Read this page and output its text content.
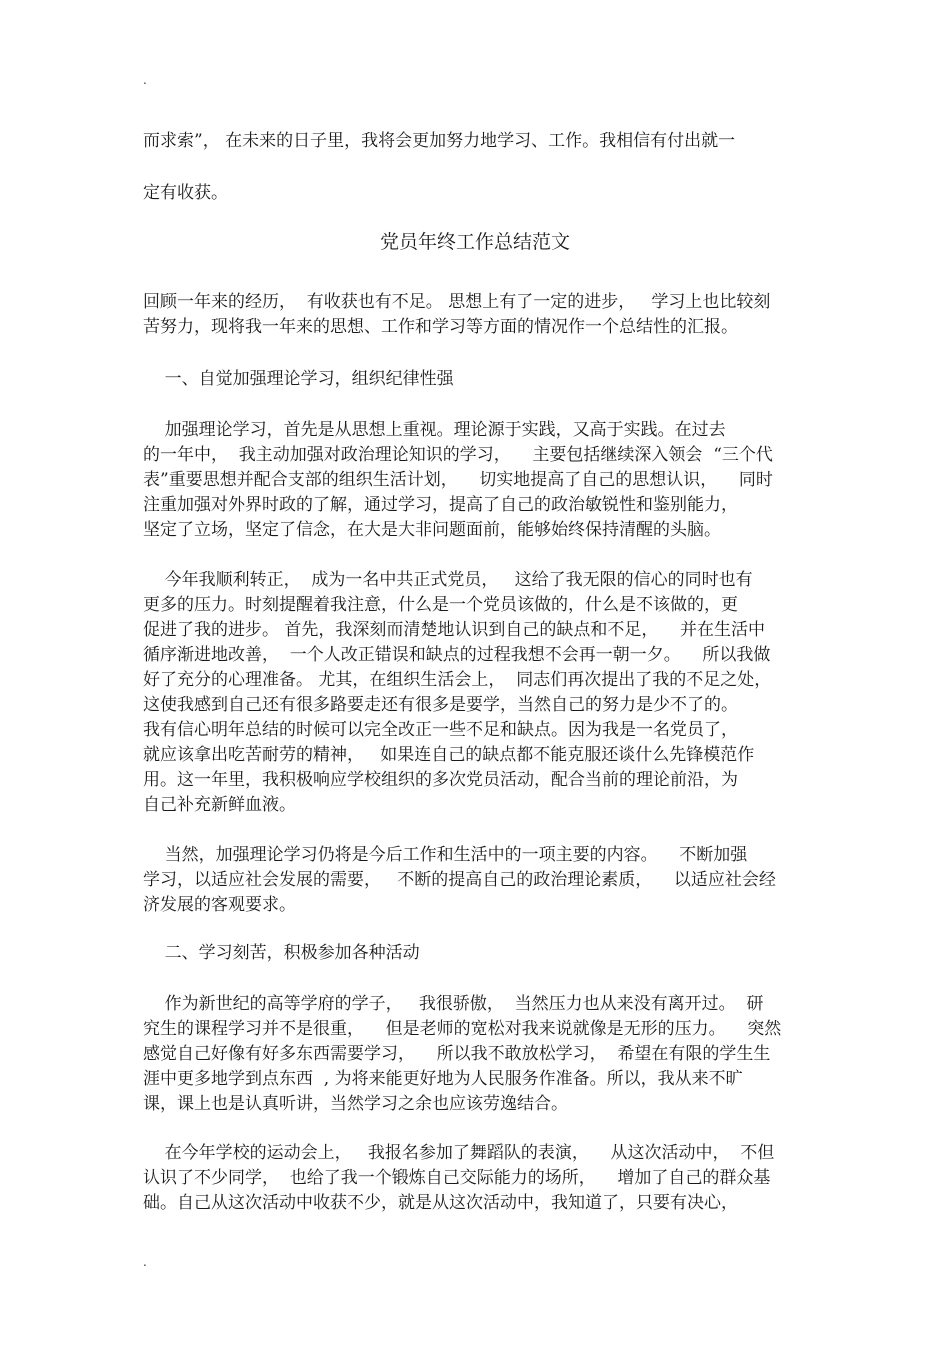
.
而求索”， 在未来的日子里，我将会更加努力地学习、工作。我相信有付出就一
定有收获。
党员年终工作总结范文
回顾一年来的经历，  有收获也有不足。 思想上有了一定的进步，   学习上也比较刻
苦努力，现将我一年来的思想、工作和学习等方面的情况作一个总结性的汇报。
一、自觉加强理论学习，组织纪律性强
加强理论学习，首先是从思想上重视。理论源于实践，又高于实践。在过去
的一年中，  我主动加强对政治理论知识的学习，    主要包括继续深入领会  “三个代
表”重要思想并配合支部的组织生活计划，    切实地提高了自己的思想认识，    同时
注重加强对外界时政的了解，通过学习，提高了自己的政治敏锐性和鉴别能力，
坚定了立场，坚定了信念，在大是大非问题面前，能够始终保持清醒的头脑。
今年我顺利转正，  成为一名中共正式党员，   这给了我无限的信心的同时也有
更多的压力。时刻提醒着我注意，什么是一个党员该做的，什么是不该做的，更
促进了我的进步。 首先，我深刻而清楚地认识到自己的缺点和不足，    并在生活中
循序渐进地改善，  一个人改正错误和缺点的过程我想不会再一朝一夕。    所以我做
好了充分的心理准备。 尤其，在组织生活会上，  同志们再次提出了我的不足之处，
这使我感到自己还有很多路要走还有很多是要学，当然自己的努力是少不了的。
我有信心明年总结的时候可以完全改正一些不足和缺点。因为我是一名党员了，
就应该拿出吃苦耐劳的精神，   如果连自己的缺点都不能克服还谈什么先锋模范作
用。这一年里，我积极响应学校组织的多次党员活动，配合当前的理论前沿，为
自己补充新鲜血液。
当然，加强理论学习仍将是今后工作和生活中的一项主要的内容。    不断加强
学习，以适应社会发展的需要，   不断的提高自己的政治理论素质，    以适应社会经
济发展的客观要求。
二、学习刻苦，积极参加各种活动
作为新世纪的高等学府的学子，   我很骄傲，  当然压力也从来没有离开过。  研
究生的课程学习并不是很重，    但是老师的宽松对我来说就像是无形的压力。    突然
感觉自己好像有好多东西需要学习，    所以我不敢放松学习，  希望在有限的学生生
涯中更多地学到点东西  , 为将来能更好地为人民服务作准备。所以，我从来不旷
课，课上也是认真听讲，当然学习之余也应该劳逸结合。
在今年学校的运动会上，   我报名参加了舞蹈队的表演，    从这次活动中，  不但
认识了不少同学，  也给了我一个锻炼自己交际能力的场所，    增加了自己的群众基
础。自己从这次活动中收获不少，就是从这次活动中，我知道了，只要有决心，
.
